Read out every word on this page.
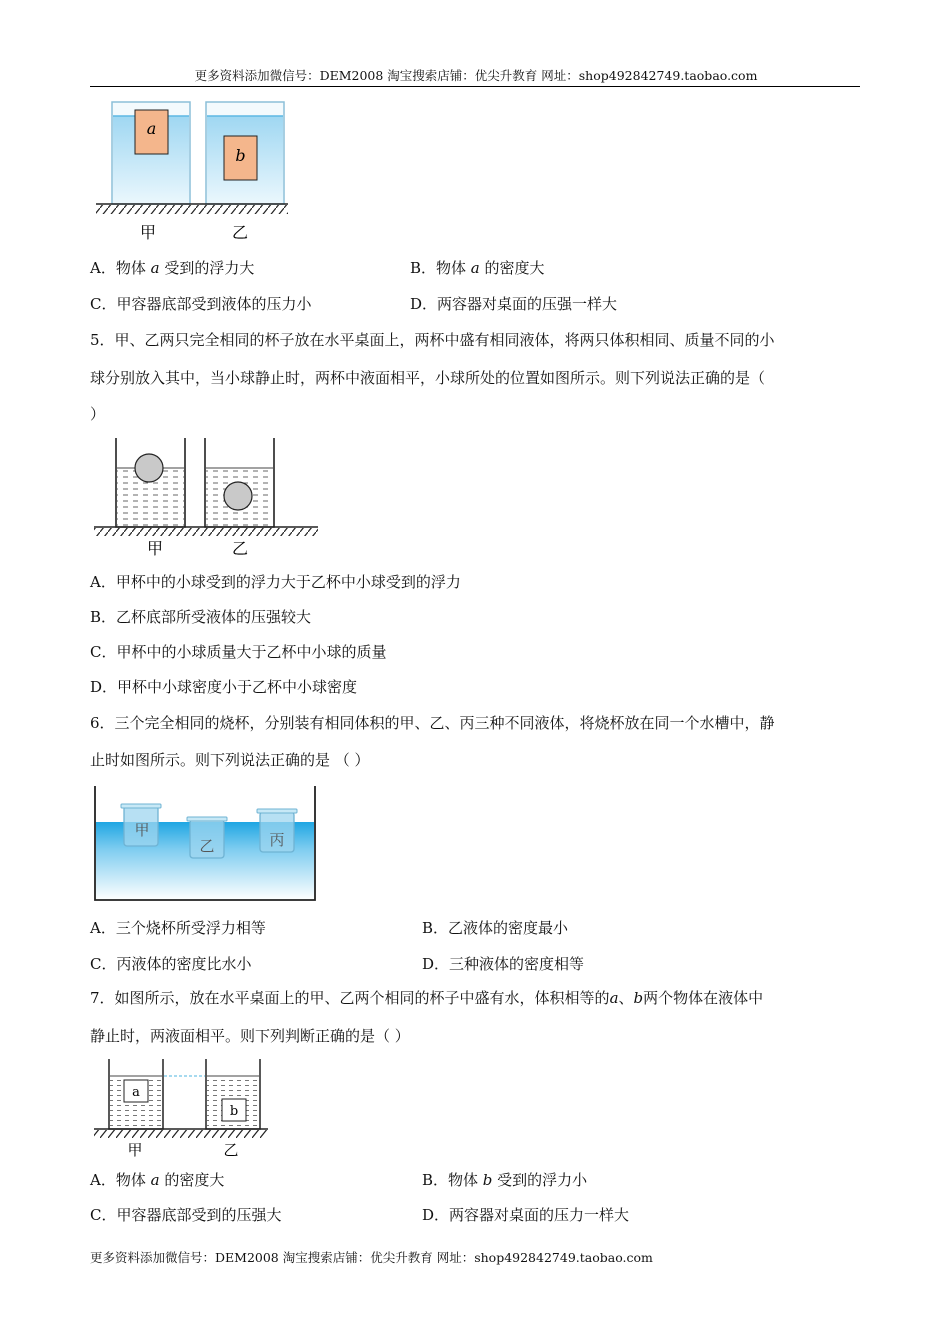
更多资料添加微信号：DEM2008 淘宝搜索店铺：优尖升教育 网址：shop492842749.taobao.com
a
b
甲	乙
A．物体 a 受到的浮力大	B．物体 a 的密度大
C．甲容器底部受到液体的压力小	D．两容器对桌面的压强一样大
5．甲、乙两只完全相同的杯子放在水平桌面上，两杯中盛有相同液体，将两只体积相同、质量不同的小
球分别放入其中，当小球静止时，两杯中液面相平，小球所处的位置如图所示。则下列说法正确的是（
）
甲	乙
A．甲杯中的小球受到的浮力大于乙杯中小球受到的浮力
B．乙杯底部所受液体的压强较大
C．甲杯中的小球质量大于乙杯中小球的质量
D．甲杯中小球密度小于乙杯中小球密度
6．三个完全相同的烧杯，分别装有相同体积的甲、乙、丙三种不同液体，将烧杯放在同一个水槽中，静
止时如图所示。则下列说法正确的是 （ ）
甲
乙	丙
A．三个烧杯所受浮力相等	B．乙液体的密度最小
C．丙液体的密度比水小	D．三种液体的密度相等
7．如图所示，放在水平桌面上的甲、乙两个相同的杯子中盛有水，体积相等的a、b两个物体在液体中
静止时，两液面相平。则下列判断正确的是（ ）
a
b
甲	乙
A．物体 a 的密度大	B．物体 b 受到的浮力小
C．甲容器底部受到的压强大	D．两容器对桌面的压力一样大
更多资料添加微信号：DEM2008 淘宝搜索店铺：优尖升教育 网址：shop492842749.taobao.com
